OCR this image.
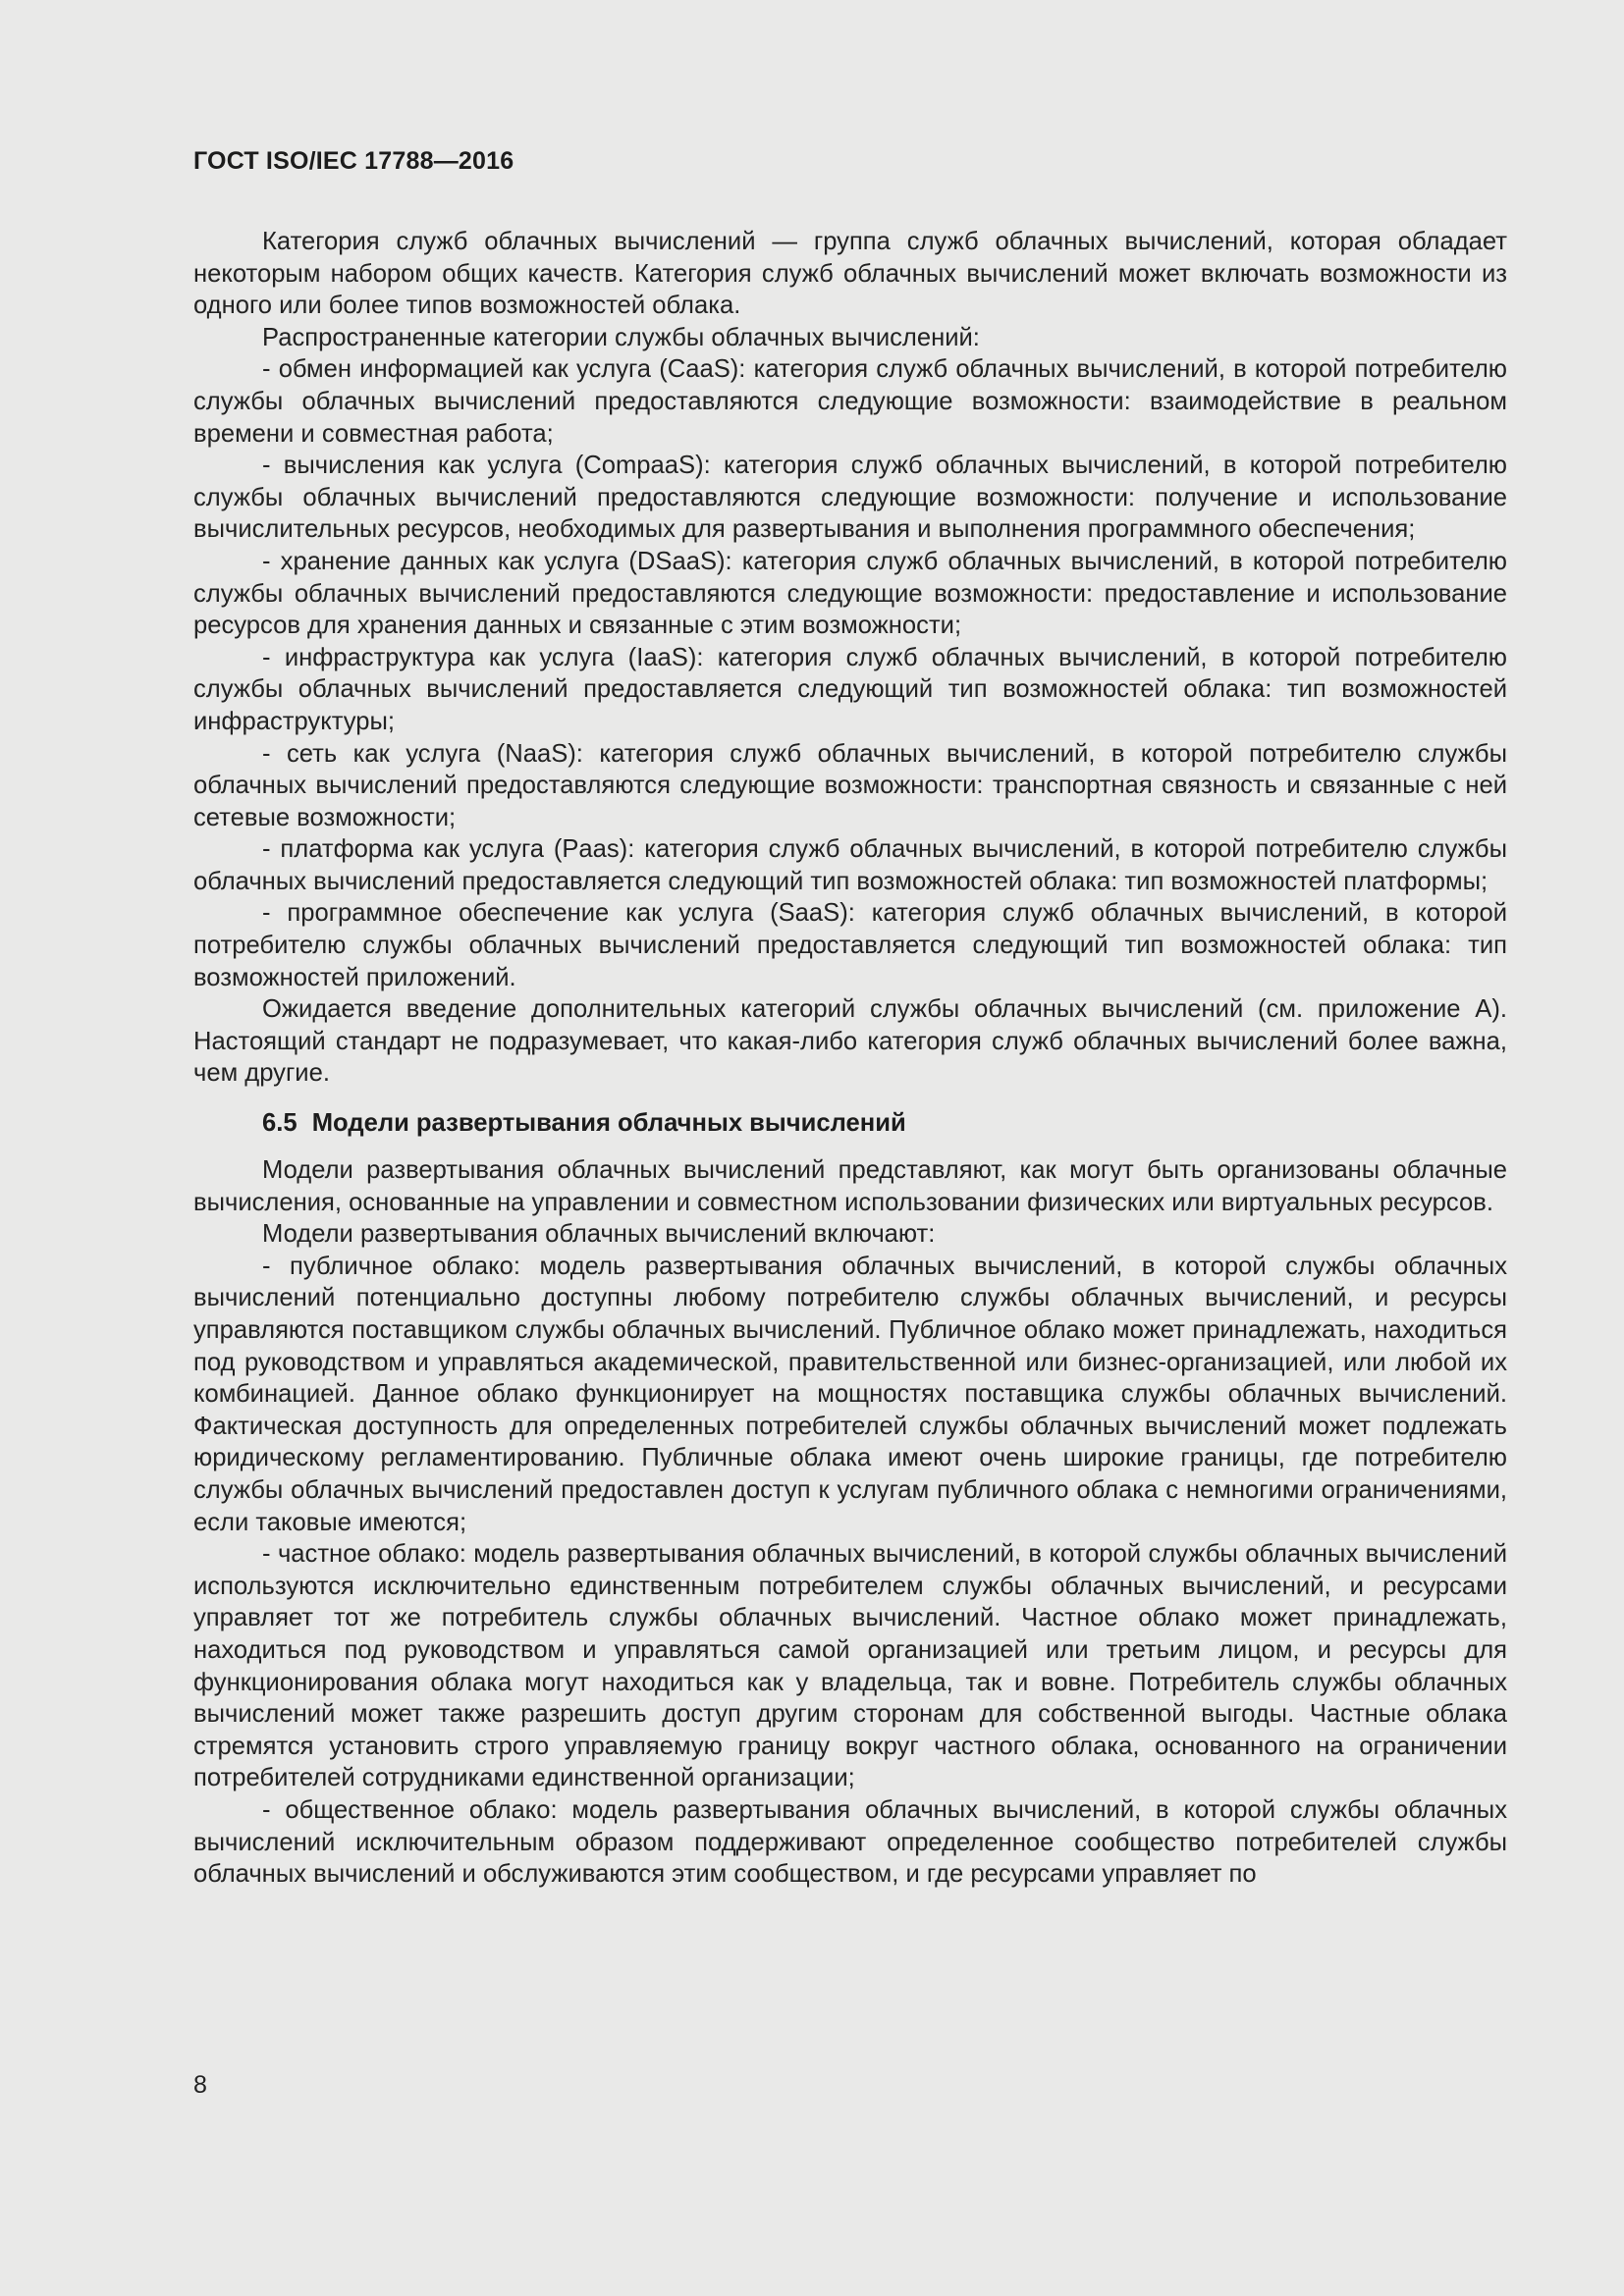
ГОСТ ISO/IEC 17788—2016

Категория служб облачных вычислений — группа служб облачных вычислений, которая обладает некоторым набором общих качеств. Категория служб облачных вычислений может включать возможности из одного или более типов возможностей облака.

Распространенные категории службы облачных вычислений:

- обмен информацией как услуга (CaaS): категория служб облачных вычислений, в которой потребителю службы облачных вычислений предоставляются следующие возможности: взаимодействие в реальном времени и совместная работа;

- вычисления как услуга (CompaaS): категория служб облачных вычислений, в которой потребителю службы облачных вычислений предоставляются следующие возможности: получение и использование вычислительных ресурсов, необходимых для развертывания и выполнения программного обеспечения;

- хранение данных как услуга (DSaaS): категория служб облачных вычислений, в которой потребителю службы облачных вычислений предоставляются следующие возможности: предоставление и использование ресурсов для хранения данных и связанные с этим возможности;

- инфраструктура как услуга (IaaS): категория служб облачных вычислений, в которой потребителю службы облачных вычислений предоставляется следующий тип возможностей облака: тип возможностей инфраструктуры;

- сеть как услуга (NaaS): категория служб облачных вычислений, в которой потребителю службы облачных вычислений предоставляются следующие возможности: транспортная связность и связанные с ней сетевые возможности;

- платформа как услуга (Paas): категория служб облачных вычислений, в которой потребителю службы облачных вычислений предоставляется следующий тип возможностей облака: тип возможностей платформы;

- программное обеспечение как услуга (SaaS): категория служб облачных вычислений, в которой потребителю службы облачных вычислений предоставляется следующий тип возможностей облака: тип возможностей приложений.

Ожидается введение дополнительных категорий службы облачных вычислений (см. приложение А). Настоящий стандарт не подразумевает, что какая-либо категория служб облачных вычислений более важна, чем другие.

6.5 Модели развертывания облачных вычислений

Модели развертывания облачных вычислений представляют, как могут быть организованы облачные вычисления, основанные на управлении и совместном использовании физических или виртуальных ресурсов.

Модели развертывания облачных вычислений включают:

- публичное облако: модель развертывания облачных вычислений, в которой службы облачных вычислений потенциально доступны любому потребителю службы облачных вычислений, и ресурсы управляются поставщиком службы облачных вычислений. Публичное облако может принадлежать, находиться под руководством и управляться академической, правительственной или бизнес-организацией, или любой их комбинацией. Данное облако функционирует на мощностях поставщика службы облачных вычислений. Фактическая доступность для определенных потребителей службы облачных вычислений может подлежать юридическому регламентированию. Публичные облака имеют очень широкие границы, где потребителю службы облачных вычислений предоставлен доступ к услугам публичного облака с немногими ограничениями, если таковые имеются;

- частное облако: модель развертывания облачных вычислений, в которой службы облачных вычислений используются исключительно единственным потребителем службы облачных вычислений, и ресурсами управляет тот же потребитель службы облачных вычислений. Частное облако может принадлежать, находиться под руководством и управляться самой организацией или третьим лицом, и ресурсы для функционирования облака могут находиться как у владельца, так и вовне. Потребитель службы облачных вычислений может также разрешить доступ другим сторонам для собственной выгоды. Частные облака стремятся установить строго управляемую границу вокруг частного облака, основанного на ограничении потребителей сотрудниками единственной организации;

- общественное облако: модель развертывания облачных вычислений, в которой службы облачных вычислений исключительным образом поддерживают определенное сообщество потребителей службы облачных вычислений и обслуживаются этим сообществом, и где ресурсами управляет по

8
